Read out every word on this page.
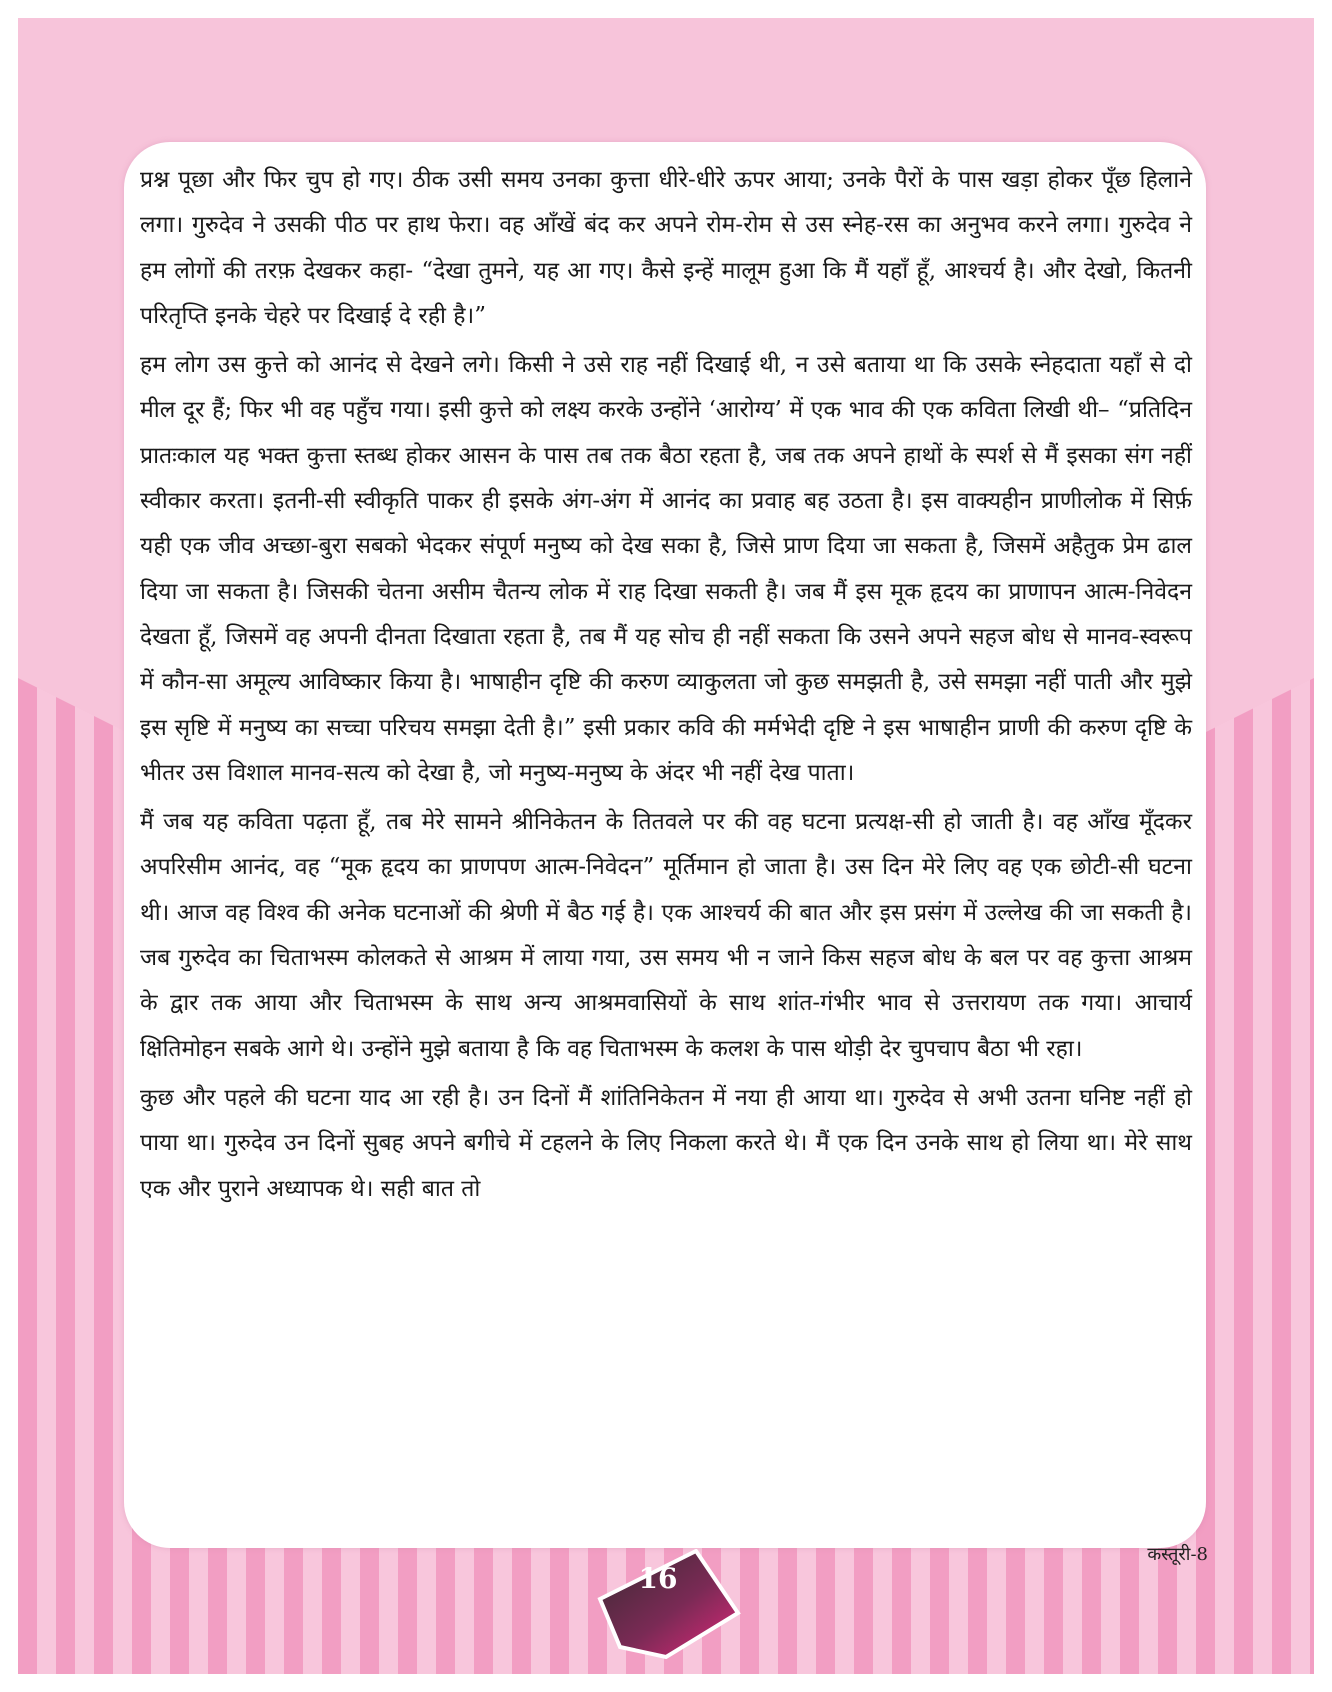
प्रश्न पूछा और फिर चुप हो गए। ठीक उसी समय उनका कुत्ता धीरे-धीरे ऊपर आया; उनके पैरों के पास खड़ा होकर पूँछ हिलाने लगा। गुरुदेव ने उसकी पीठ पर हाथ फेरा। वह आँखें बंद कर अपने रोम-रोम से उस स्नेह-रस का अनुभव करने लगा। गुरुदेव ने हम लोगों की तरफ़ देखकर कहा- “देखा तुमने, यह आ गए। कैसे इन्हें मालूम हुआ कि मैं यहाँ हूँ, आश्चर्य है। और देखो, कितनी परितृप्ति इनके चेहरे पर दिखाई दे रही है।”

हम लोग उस कुत्ते को आनंद से देखने लगे। किसी ने उसे राह नहीं दिखाई थी, न उसे बताया था कि उसके स्नेहदाता यहाँ से दो मील दूर हैं; फिर भी वह पहुँच गया। इसी कुत्ते को लक्ष्य करके उन्होंने ‘आरोग्य’ में एक भाव की एक कविता लिखी थी– “प्रतिदिन प्रातःकाल यह भक्त कुत्ता स्तब्ध होकर आसन के पास तब तक बैठा रहता है, जब तक अपने हाथों के स्पर्श से मैं इसका संग नहीं स्वीकार करता। इतनी-सी स्वीकृति पाकर ही इसके अंग-अंग में आनंद का प्रवाह बह उठता है। इस वाक्यहीन प्राणीलोक में सिर्फ़ यही एक जीव अच्छा-बुरा सबको भेदकर संपूर्ण मनुष्य को देख सका है, जिसे प्राण दिया जा सकता है, जिसमें अहैतुक प्रेम ढाल दिया जा सकता है। जिसकी चेतना असीम चैतन्य लोक में राह दिखा सकती है। जब मैं इस मूक हृदय का प्राणापन आत्म-निवेदन देखता हूँ, जिसमें वह अपनी दीनता दिखाता रहता है, तब मैं यह सोच ही नहीं सकता कि उसने अपने सहज बोध से मानव-स्वरूप में कौन-सा अमूल्य आविष्कार किया है। भाषाहीन दृष्टि की करुण व्याकुलता जो कुछ समझती है, उसे समझा नहीं पाती और मुझे इस सृष्टि में मनुष्य का सच्चा परिचय समझा देती है।” इसी प्रकार कवि की मर्मभेदी दृष्टि ने इस भाषाहीन प्राणी की करुण दृष्टि के भीतर उस विशाल मानव-सत्य को देखा है, जो मनुष्य-मनुष्य के अंदर भी नहीं देख पाता।

मैं जब यह कविता पढ़ता हूँ, तब मेरे सामने श्रीनिकेतन के तितवले पर की वह घटना प्रत्यक्ष-सी हो जाती है। वह आँख मूँदकर अपरिसीम आनंद, वह “मूक हृदय का प्राणपण आत्म-निवेदन” मूर्तिमान हो जाता है। उस दिन मेरे लिए वह एक छोटी-सी घटना थी। आज वह विश्व की अनेक घटनाओं की श्रेणी में बैठ गई है। एक आश्चर्य की बात और इस प्रसंग में उल्लेख की जा सकती है। जब गुरुदेव का चिताभस्म कोलकते से आश्रम में लाया गया, उस समय भी न जाने किस सहज बोध के बल पर वह कुत्ता आश्रम के द्वार तक आया और चिताभस्म के साथ अन्य आश्रमवासियों के साथ शांत-गंभीर भाव से उत्तरायण तक गया। आचार्य क्षितिमोहन सबके आगे थे। उन्होंने मुझे बताया है कि वह चिताभस्म के कलश के पास थोड़ी देर चुपचाप बैठा भी रहा।

कुछ और पहले की घटना याद आ रही है। उन दिनों मैं शांतिनिकेतन में नया ही आया था। गुरुदेव से अभी उतना घनिष्ट नहीं हो पाया था। गुरुदेव उन दिनों सुबह अपने बगीचे में टहलने के लिए निकला करते थे। मैं एक दिन उनके साथ हो लिया था। मेरे साथ एक और पुराने अध्यापक थे। सही बात तो

16
कस्तूरी-8
